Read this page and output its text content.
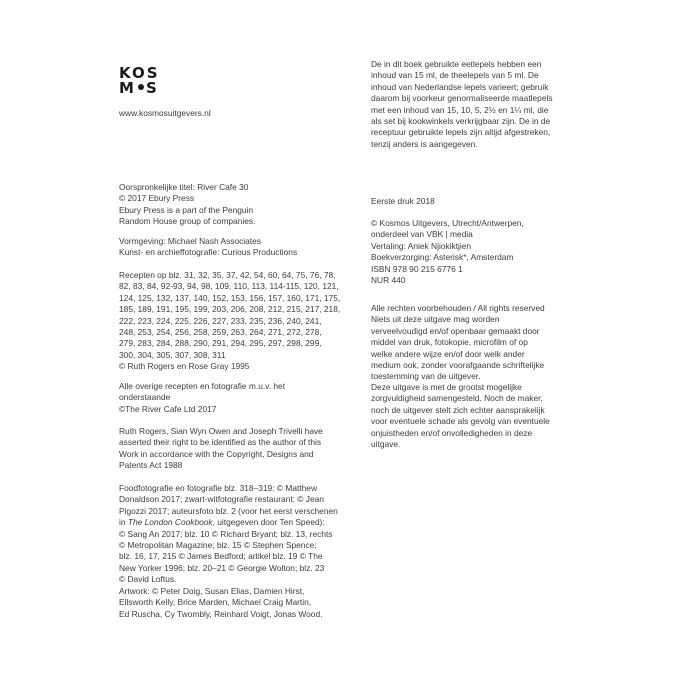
KOS
M S
www.kosmosuitgevers.nl
Oorspronkelijke titel: River Cafe 30
© 2017 Ebury Press
Ebury Press is a part of the Penguin
Random House group of companies.
Vormgeving: Michael Nash Associates
Kunst- en archieffotografie: Curious Productions
Recepten op blz. 31, 32, 35, 37, 42, 54, 60, 64, 75, 76, 78,
82, 83, 84, 92-93, 94, 98, 109, 110, 113, 114-115, 120, 121,
124, 125, 132, 137, 140, 152, 153, 156, 157, 160, 171, 175,
185, 189, 191, 195, 199, 203, 206, 208, 212, 215, 217, 218,
222, 223, 224, 225, 226, 227, 233, 235, 236, 240, 241,
248, 253, 254, 256, 258, 259, 263, 264, 271, 272, 278,
279, 283, 284, 288, 290, 291, 294, 295, 297, 298, 299,
300, 304, 305, 307, 308, 311
© Ruth Rogers en Rose Gray 1995
Alle overige recepten en fotografie m.u.v. het
onderstaande
©The River Cafe Ltd 2017
Ruth Rogers, Sian Wyn Owen and Joseph Trivelli have
asserted their right to be identified as the author of this
Work in accordance with the Copyright, Designs and
Patents Act 1988
Foodfotografie en fotografie blz. 318–319: © Matthew
Donaldson 2017; zwart-witfotografie restaurant: © Jean
Pigozzi 2017; auteursfoto blz. 2 (voor het eerst verschenen
in The London Cookbook, uitgegeven door Ten Speed):
© Sang An 2017; blz. 10 © Richard Bryant; blz. 13, rechts
© Metropolitan Magazine; blz. 15 © Stephen Spence;
blz. 16, 17, 215 © James Bedford; artikel blz. 19 © The
New Yorker 1996; blz. 20–21 © Georgie Wolton; blz. 23
© David Loftus.
Artwork: © Peter Doig, Susan Elias, Damien Hirst,
Ellsworth Kelly, Brice Marden, Michael Craig Martin,
Ed Ruscha, Cy Twombly, Reinhard Voigt, Jonas Wood.
De in dit boek gebruikte eetlepels hebben een
inhoud van 15 ml, de theelepels van 5 ml. De
inhoud van Nederlandse lepels varieert; gebruik
daarom bij voorkeur genormaliseerde maatlepels
met een inhoud van 15, 10, 5, 2½ en 1¼ ml, die
als set bij kookwinkels verkrijgbaar zijn. De in de
receptuur gebruikte lepels zijn altijd afgestreken,
tenzij anders is aangegeven.
Eerste druk 2018
© Kosmos Uitgevers, Utrecht/Antwerpen,
onderdeel van VBK | media
Vertaling: Aniek Njiokiktjien
Boekverzorging: Asterisk*, Amsterdam
ISBN 978 90 215 6776 1
NUR 440
Alle rechten voorbehouden / All rights reserved
Niets uit deze uitgave mag worden
verveelvoudigd en/of openbaar gemaakt door
middel van druk, fotokopie, microfilm of op
welke andere wijze en/of door welk ander
medium ook, zonder voorafgaande schriftelijke
toestemming van de uitgever.
Deze uitgave is met de grootst mogelijke
zorgvuldigheid samengesteld. Noch de maker,
noch de uitgever stelt zich echter aansprakelijk
voor eventuele schade als gevolg van eventuele
onjuistheden en/of onvolledigheden in deze
uitgave.
